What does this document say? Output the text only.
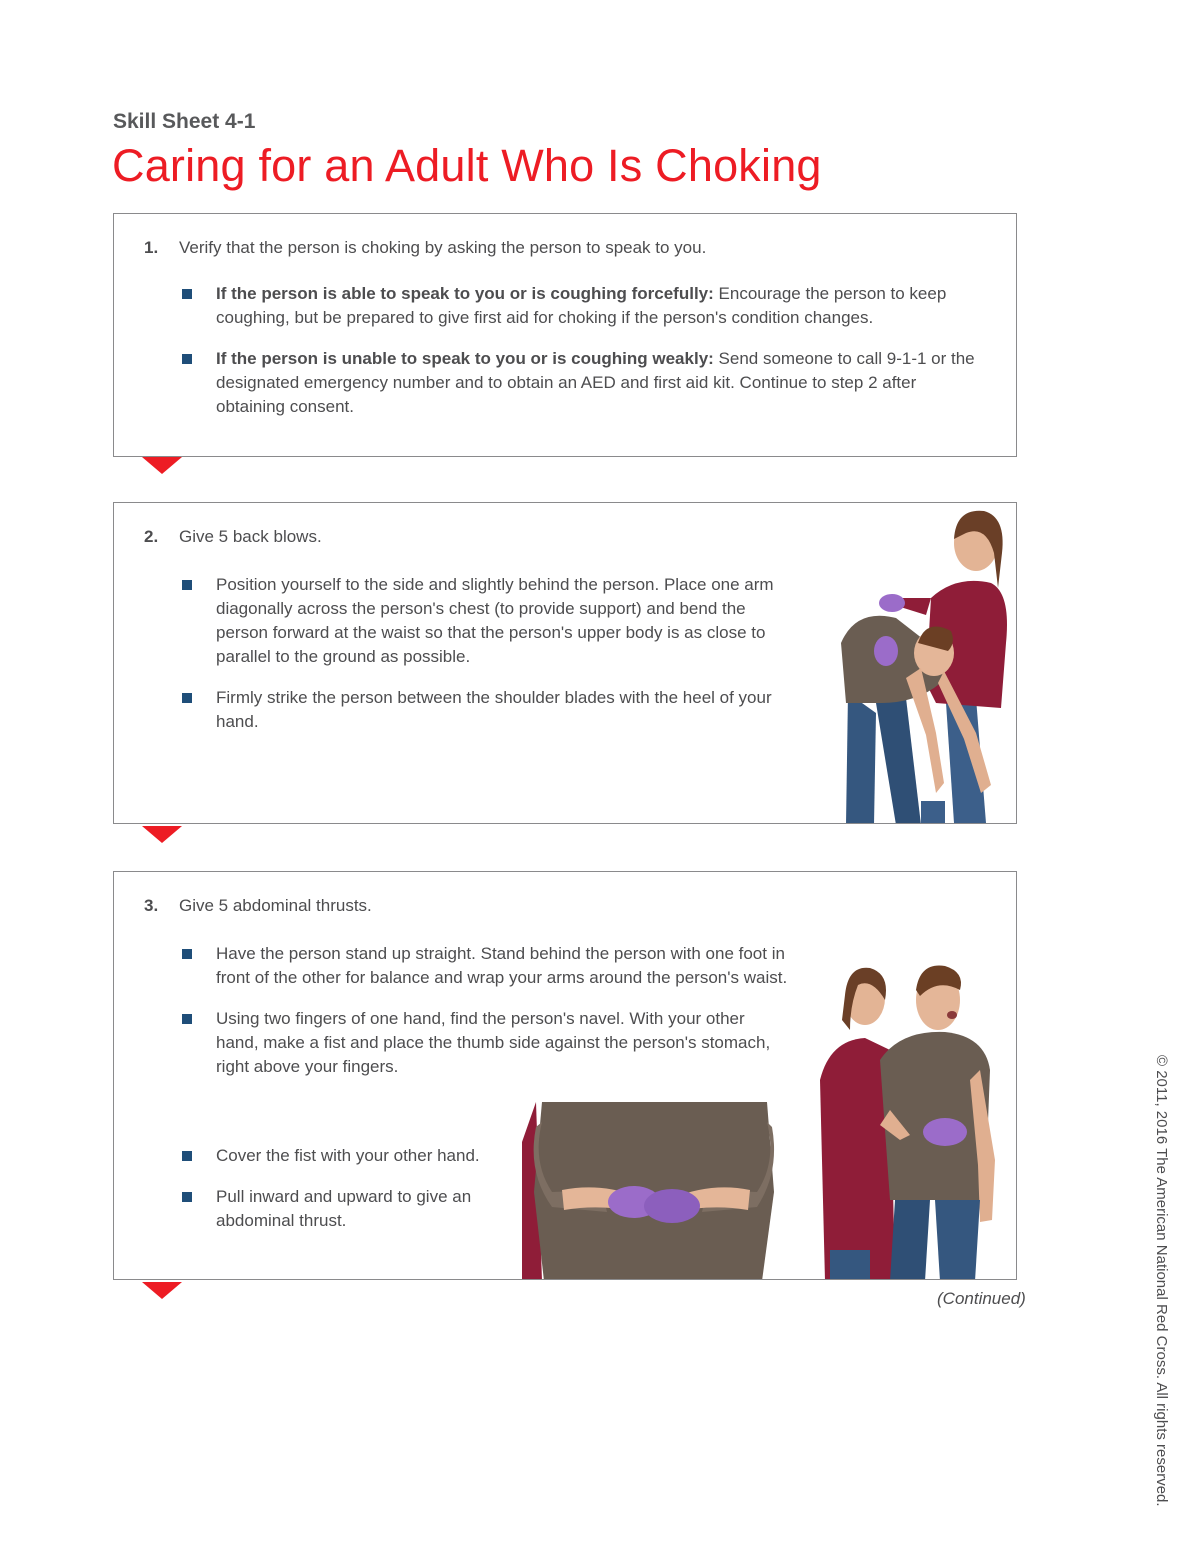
Skill Sheet 4-1
Caring for an Adult Who Is Choking

1.	Verify that the person is choking by asking the person to speak to you.

If the person is able to speak to you or is coughing forcefully: Encourage the person to keep coughing, but be prepared to give first aid for choking if the person's condition changes.
If the person is unable to speak to you or is coughing weakly: Send someone to call 9-1-1 or the designated emergency number and to obtain an AED and first aid kit. Continue to step 2 after obtaining consent.

2.	Give 5 back blows.

Position yourself to the side and slightly behind the person. Place one arm diagonally across the person's chest (to provide support) and bend the person forward at the waist so that the person's upper body is as close to parallel to the ground as possible.
Firmly strike the person between the shoulder blades with the heel of your hand.

3.	Give 5 abdominal thrusts.

Have the person stand up straight. Stand behind the person with one foot in front of the other for balance and wrap your arms around the person's waist.
Using two fingers of one hand, find the person's navel. With your other hand, make a fist and place the thumb side against the person's stomach, right above your fingers.
Cover the fist with your other hand.
Pull inward and upward to give an abdominal thrust.
(Continued)	© 2011, 2016 The American National Red Cross. All rights reserved.
